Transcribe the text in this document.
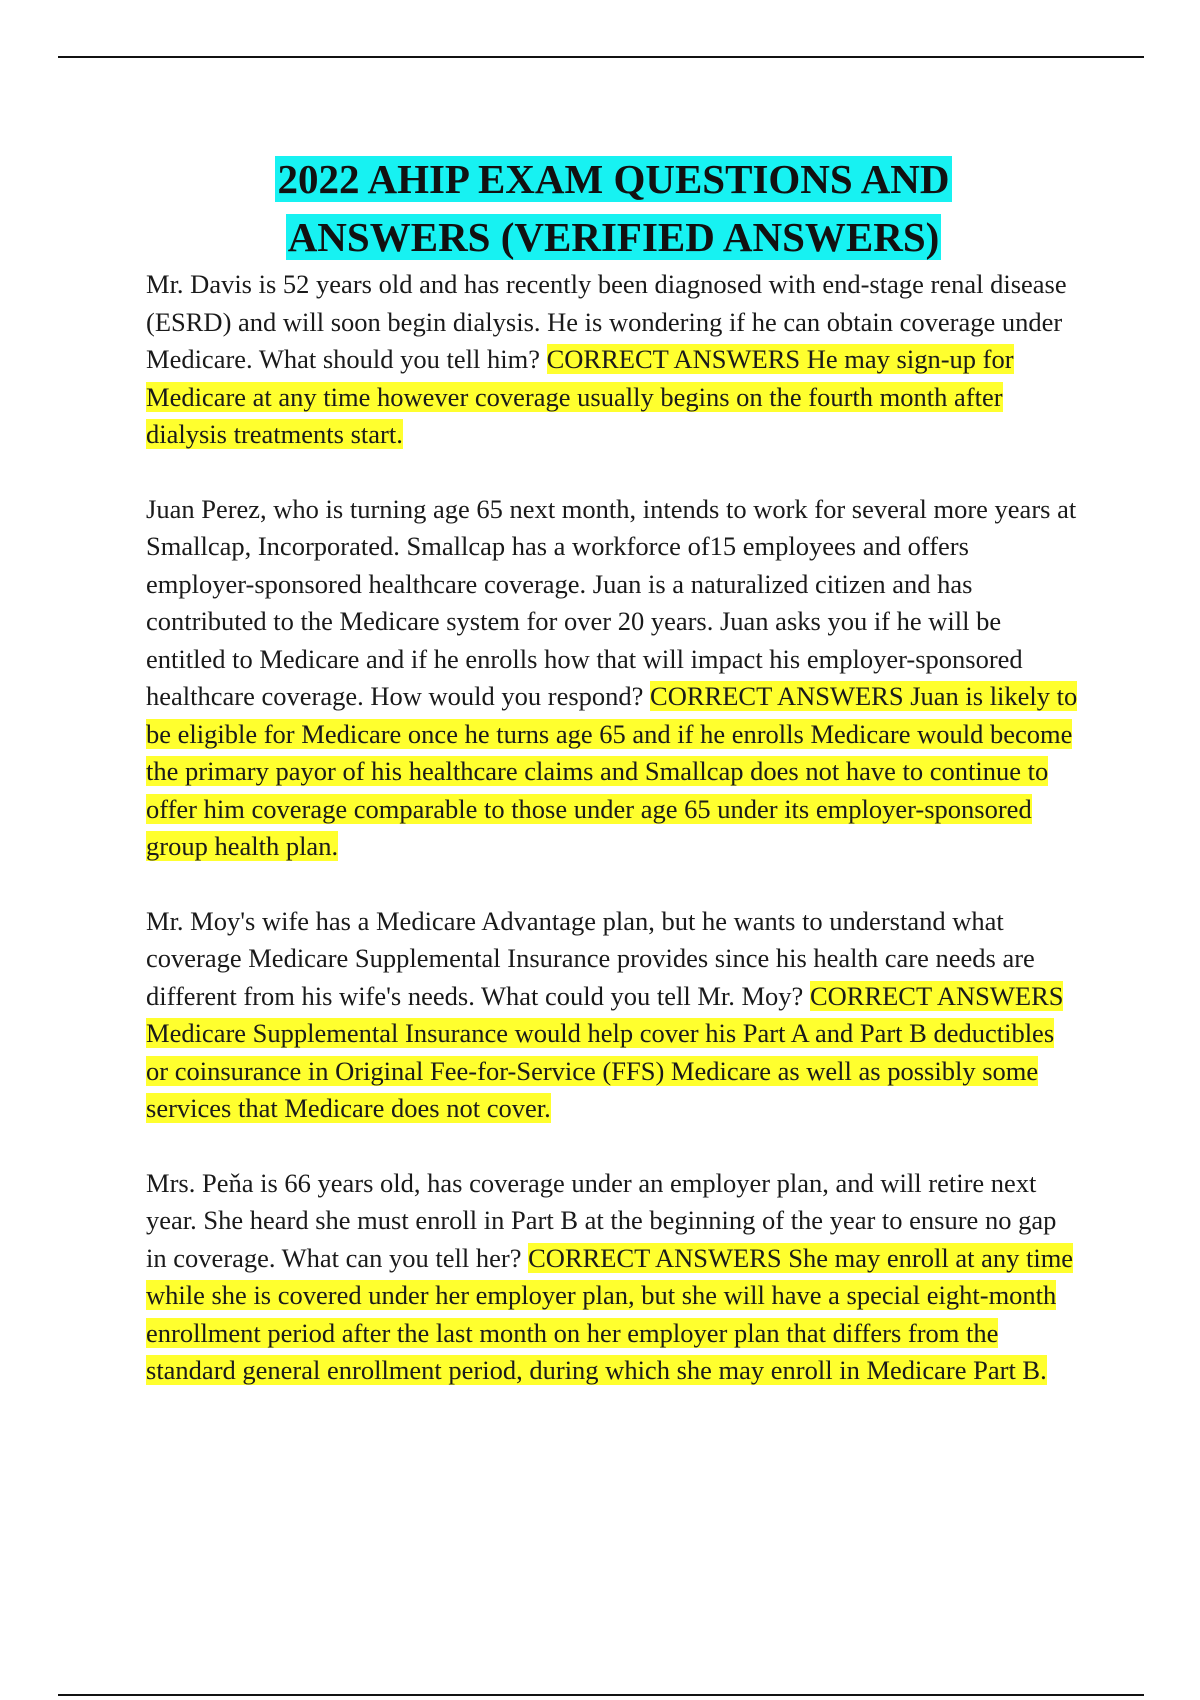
2022 AHIP EXAM QUESTIONS AND
ANSWERS (VERIFIED ANSWERS)

Mr. Davis is 52 years old and has recently been diagnosed with end-stage renal disease (ESRD) and will soon begin dialysis. He is wondering if he can obtain coverage under Medicare. What should you tell him? CORRECT ANSWERS He may sign-up for Medicare at any time however coverage usually begins on the fourth month after dialysis treatments start.

Juan Perez, who is turning age 65 next month, intends to work for several more years at Smallcap, Incorporated. Smallcap has a workforce of15 employees and offers employer-sponsored healthcare coverage. Juan is a naturalized citizen and has contributed to the Medicare system for over 20 years. Juan asks you if he will be entitled to Medicare and if he enrolls how that will impact his employer-sponsored healthcare coverage. How would you respond? CORRECT ANSWERS Juan is likely to be eligible for Medicare once he turns age 65 and if he enrolls Medicare would become the primary payor of his healthcare claims and Smallcap does not have to continue to offer him coverage comparable to those under age 65 under its employer-sponsored group health plan.

Mr. Moy's wife has a Medicare Advantage plan, but he wants to understand what coverage Medicare Supplemental Insurance provides since his health care needs are different from his wife's needs. What could you tell Mr. Moy? CORRECT ANSWERS Medicare Supplemental Insurance would help cover his Part A and Part B deductibles or coinsurance in Original Fee-for-Service (FFS) Medicare as well as possibly some services that Medicare does not cover.

Mrs. Peňa is 66 years old, has coverage under an employer plan, and will retire next year. She heard she must enroll in Part B at the beginning of the year to ensure no gap in coverage. What can you tell her? CORRECT ANSWERS She may enroll at any time while she is covered under her employer plan, but she will have a special eight-month enrollment period after the last month on her employer plan that differs from the standard general enrollment period, during which she may enroll in Medicare Part B.
